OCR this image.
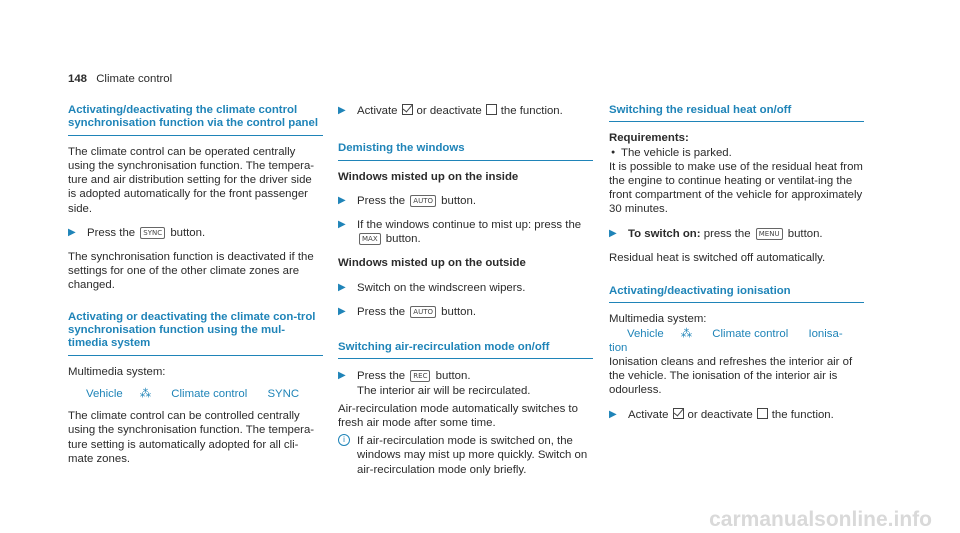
148 Climate control
Activating/deactivating the climate control synchronisation function via the control panel

The climate control can be operated centrally using the synchronisation function. The tempera-ture and air distribution setting for the driver side is adopted automatically for the front passenger side.

▶ Press the SYNC button.

The synchronisation function is deactivated if the settings for one of the other climate zones are changed.

Activating or deactivating the climate con-trol synchronisation function using the mul-timedia system

Multimedia system:

Vehicle ⁂ Climate control SYNC

The climate control can be controlled centrally using the synchronisation function. The tempera-ture setting is automatically adopted for all cli-mate zones.

▶ Activate or deactivate the function.
Demisting the windows

Windows misted up on the inside

▶ Press the AUTO button.
▶ If the windows continue to mist up: press the
MAX button.

Windows misted up on the outside

▶ Switch on the windscreen wipers.
▶ Press the AUTO button.
Switching air-recirculation mode on/off
▶ Press the REC button.
The interior air will be recirculated.

Air-recirculation mode automatically switches to fresh air mode after some time.

i	If air-recirculation mode is switched on, the windows may mist up more quickly. Switch on air-recirculation mode only briefly.
Switching the residual heat on/off

Requirements:

● The vehicle is parked.

It is possible to make use of the residual heat from the engine to continue heating or ventilat-ing the front compartment of the vehicle for approximately 30 minutes.

▶ To switch on: press the MENU button.

Residual heat is switched off automatically.

Activating/deactivating ionisation

Multimedia system:

Vehicle ⁂ Climate control Ionisa-

tion

Ionisation cleans and refreshes the interior air of the vehicle. The ionisation of the interior air is odourless.

▶ Activate or deactivate the function.
carmanualsonline.info
